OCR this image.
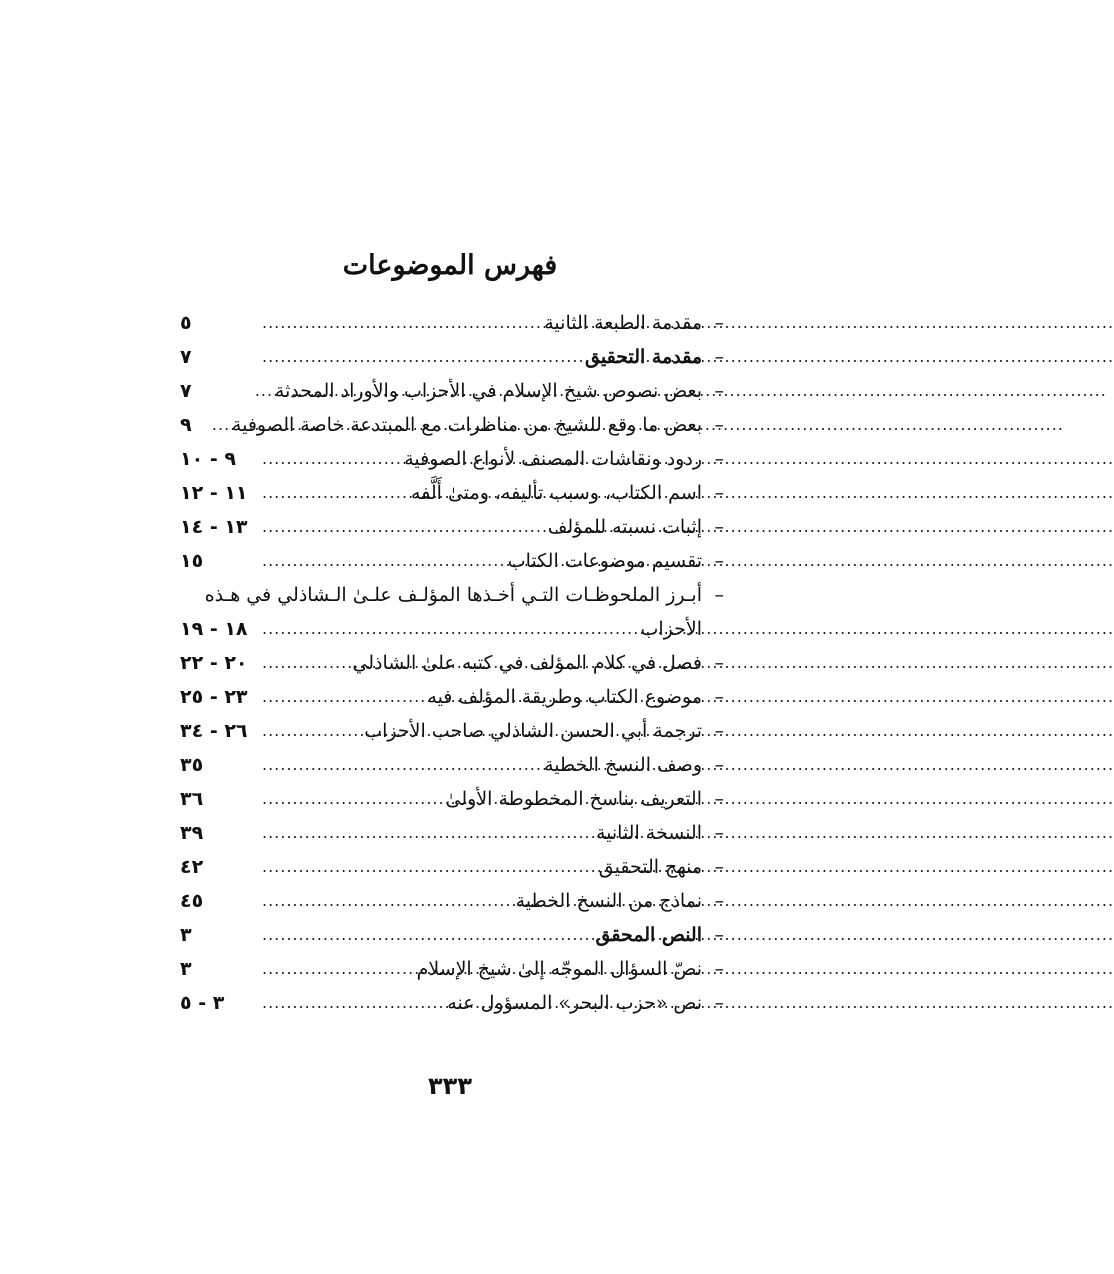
فهرس الموضوعات
–
مقدمة الطبعة الثانية
.....
٥
–
مقدمة التحقيق
.....
٧
–
بعض نصوص شيخ الإسلام في الأحزاب والأوراد المحدثة
.....
٧
–
بعض ما وقع للشيخ من مناظرات مع المبتدعة خاصة الصوفية
.....
٩
–
ردود ونقاشات المصنف لأنواع الصوفية
.....
٩ - ١٠
–
اسم الكتاب، وسبب تأليفه، ومتىٰ أَلَّفه
.....
١١ - ١٢
–
إثبات نسبته للمؤلف
.....
١٣ - ١٤
–
تقسيم موضوعات الكتاب
.....
١٥
–
أبـرز الملحوظـات التـي أخـذها المؤلـف علـىٰ الـشاذلي في هـذه
الأحزاب
.....
١٨ - ١٩
–
فصل في كلام المؤلف في كتبه علىٰ الشاذلي
.....
٢٠ - ٢٢
–
موضوع الكتاب وطريقة المؤلف فيه
.....
٢٣ - ٢٥
–
ترجمة أبي الحسن الشاذلي صاحب الأحزاب
.....
٢٦ - ٣٤
–
وصف النسخ الخطية
.....
٣٥
–
التعريف بناسخ المخطوطة الأولىٰ
.....
٣٦
–
النسخة الثانية
.....
٣٩
–
منهج التحقيق
.....
٤٢
–
نماذج من النسخ الخطية
.....
٤٥
–
النص المحقق
.....
٣
–
نصّ السؤال الموجّه إلىٰ شيخ الإسلام
.....
٣
–
نص «حزب البحر» المسؤول عنه
.....
٣ - ٥
٣٣٣
